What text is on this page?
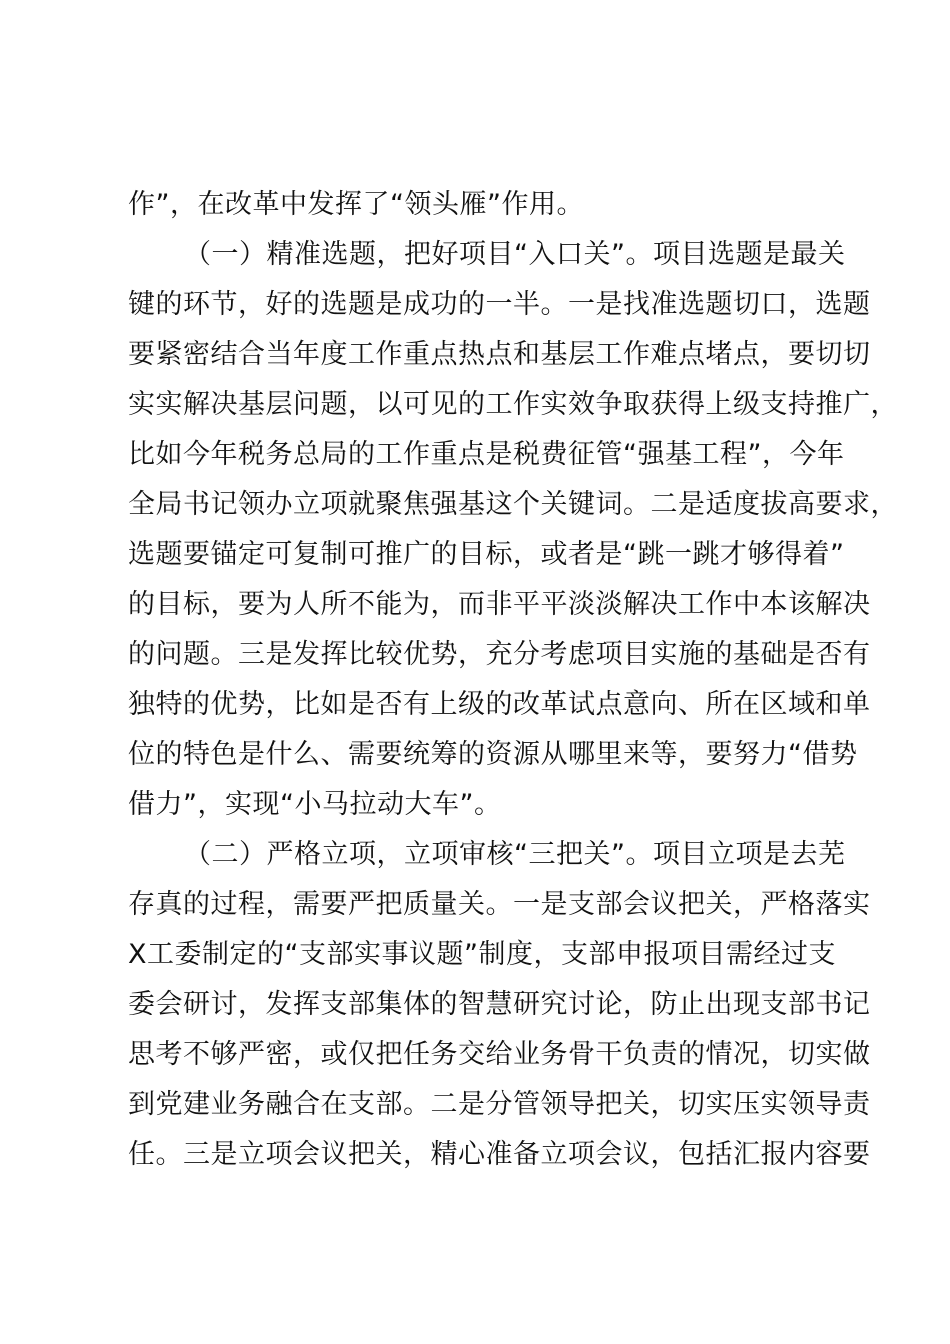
作”，在改革中发挥了“领头雁”作用。
（一）精准选题，把好项目“入口关”。项目选题是最关
键的环节，好的选题是成功的一半。一是找准选题切口，选题
要紧密结合当年度工作重点热点和基层工作难点堵点，要切切
实实解决基层问题，以可见的工作实效争取获得上级支持推广，
比如今年税务总局的工作重点是税费征管“强基工程”，今年
全局书记领办立项就聚焦强基这个关键词。二是适度拔高要求，
选题要锚定可复制可推广的目标，或者是“跳一跳才够得着”
的目标，要为人所不能为，而非平平淡淡解决工作中本该解决
的问题。三是发挥比较优势，充分考虑项目实施的基础是否有
独特的优势，比如是否有上级的改革试点意向、所在区域和单
位的特色是什么、需要统筹的资源从哪里来等，要努力“借势
借力”，实现“小马拉动大车”。
（二）严格立项，立项审核“三把关”。项目立项是去芜
存真的过程，需要严把质量关。一是支部会议把关，严格落实
X工委制定的“支部实事议题”制度，支部申报项目需经过支
委会研讨，发挥支部集体的智慧研究讨论，防止出现支部书记
思考不够严密，或仅把任务交给业务骨干负责的情况，切实做
到党建业务融合在支部。二是分管领导把关，切实压实领导责
任。三是立项会议把关，精心准备立项会议，包括汇报内容要
